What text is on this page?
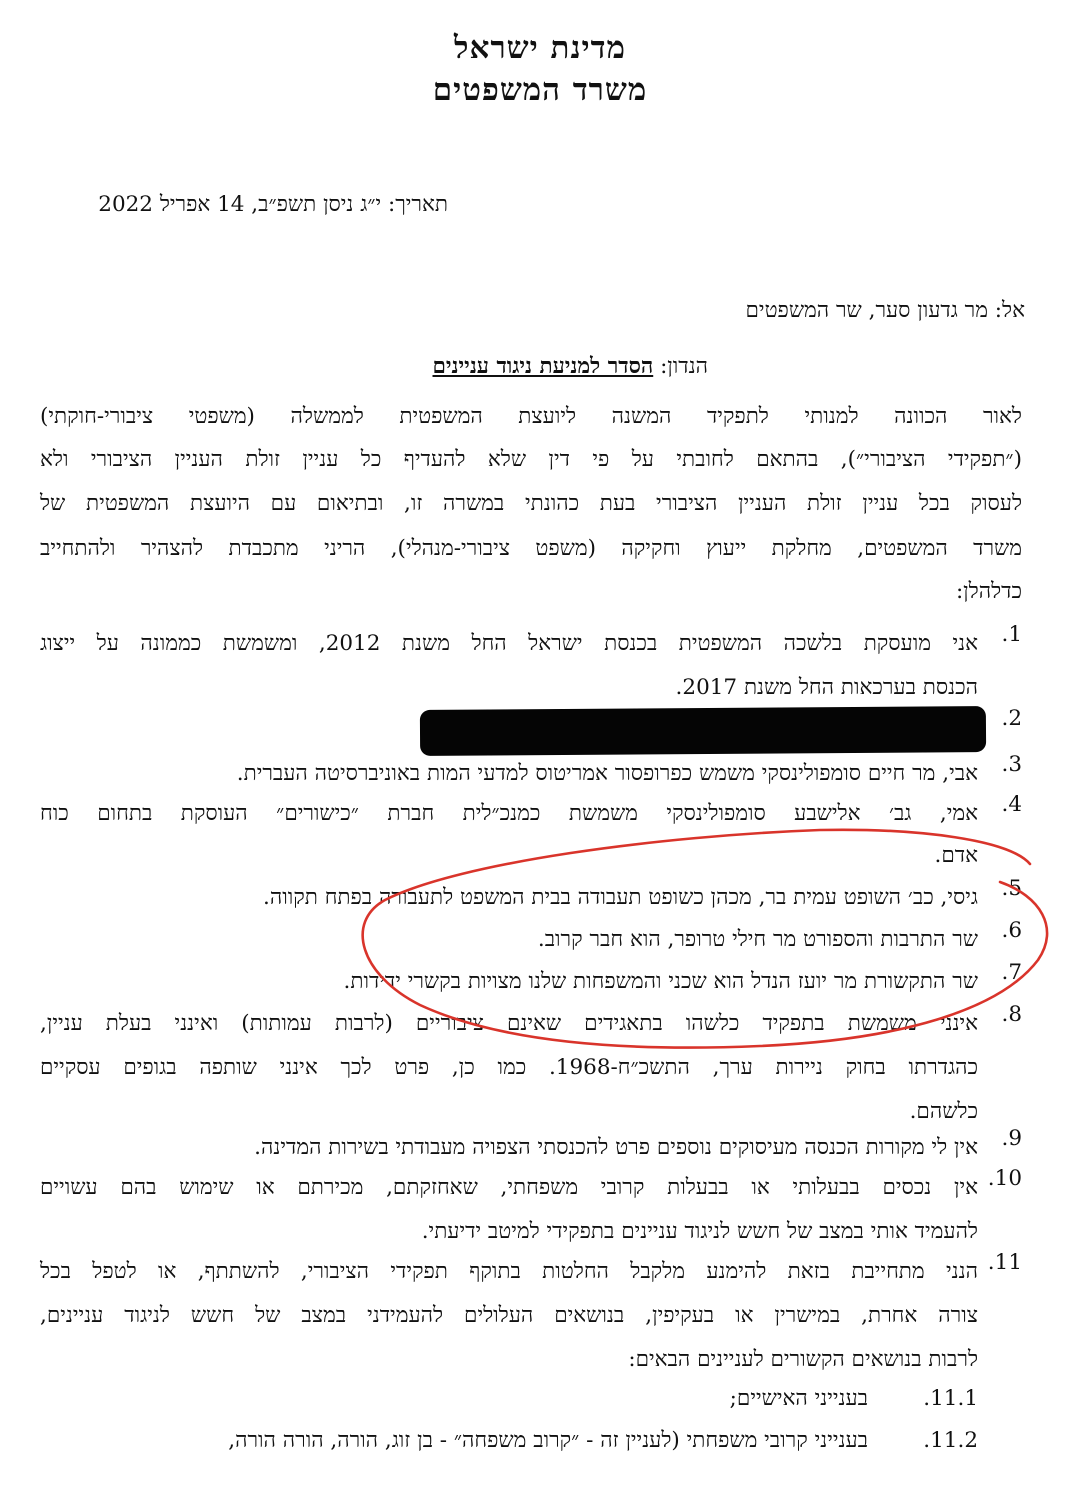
מדינת ישראל
משרד המשפטים
תאריך: י״ג ניסן תשפ״ב, 14 אפריל 2022
אל: מר גדעון סער, שר המשפטים
הנדון: הסדר למניעת ניגוד עניינים
לאור הכוונה למנותי לתפקיד המשנה ליועצת המשפטית לממשלה (משפטי ציבורי-חוקתי)
(״תפקידי הציבורי״), בהתאם לחובתי על פי דין שלא להעדיף כל עניין זולת העניין הציבורי ולא
לעסוק בכל עניין זולת העניין הציבורי בעת כהונתי במשרה זו, ובתיאום עם היועצת המשפטית של
משרד המשפטים, מחלקת ייעוץ וחקיקה (משפט ציבורי-מנהלי), הריני מתכבדת להצהיר ולהתחייב
כדלהלן:
1.
אני מועסקת בלשכה המשפטית בכנסת ישראל החל משנת 2012, ומשמשת כממונה על ייצוג
הכנסת בערכאות החל משנת 2017.
2.
3.
אבי, מר חיים סומפולינסקי משמש כפרופסור אמריטוס למדעי המות באוניברסיטה העברית.
4.
אמי, גב׳ אלישבע סומפולינסקי משמשת כמנכ״לית חברת ״כישורים״ העוסקת בתחום כוח
אדם.
5.
גיסי, כב׳ השופט עמית בר, מכהן כשופט תעבודה בבית המשפט לתעבורה בפתח תקווה.
6.
שר התרבות והספורט מר חילי טרופר, הוא חבר קרוב.
7.
שר התקשורת מר יועז הנדל הוא שכני והמשפחות שלנו מצויות בקשרי ידידות.
8.
אינני משמשת בתפקיד כלשהו בתאגידים שאינם ציבוריים (לרבות עמותות) ואינני בעלת עניין,
כהגדרתו בחוק ניירות ערך, התשכ״ח-1968. כמו כן, פרט לכך אינני שותפה בגופים עסקיים
כלשהם.
9.
אין לי מקורות הכנסה מעיסוקים נוספים פרט להכנסתי הצפויה מעבודתי בשירות המדינה.
10.
אין נכסים בבעלותי או בבעלות קרובי משפחתי, שאחזקתם, מכירתם או שימוש בהם עשויים
להעמיד אותי במצב של חשש לניגוד עניינים בתפקידי למיטב ידיעתי.
11.
הנני מתחייבת בזאת להימנע מלקבל החלטות בתוקף תפקידי הציבורי, להשתתף, או לטפל בכל
צורה אחרת, במישרין או בעקיפין, בנושאים העלולים להעמידני במצב של חשש לניגוד עניינים,
לרבות בנושאים הקשורים לעניינים הבאים:
11.1.
בענייני האישיים;
11.2.
בענייני קרובי משפחתי (לעניין זה - ״קרוב משפחה״ - בן זוג, הורה, הורה הורה,
